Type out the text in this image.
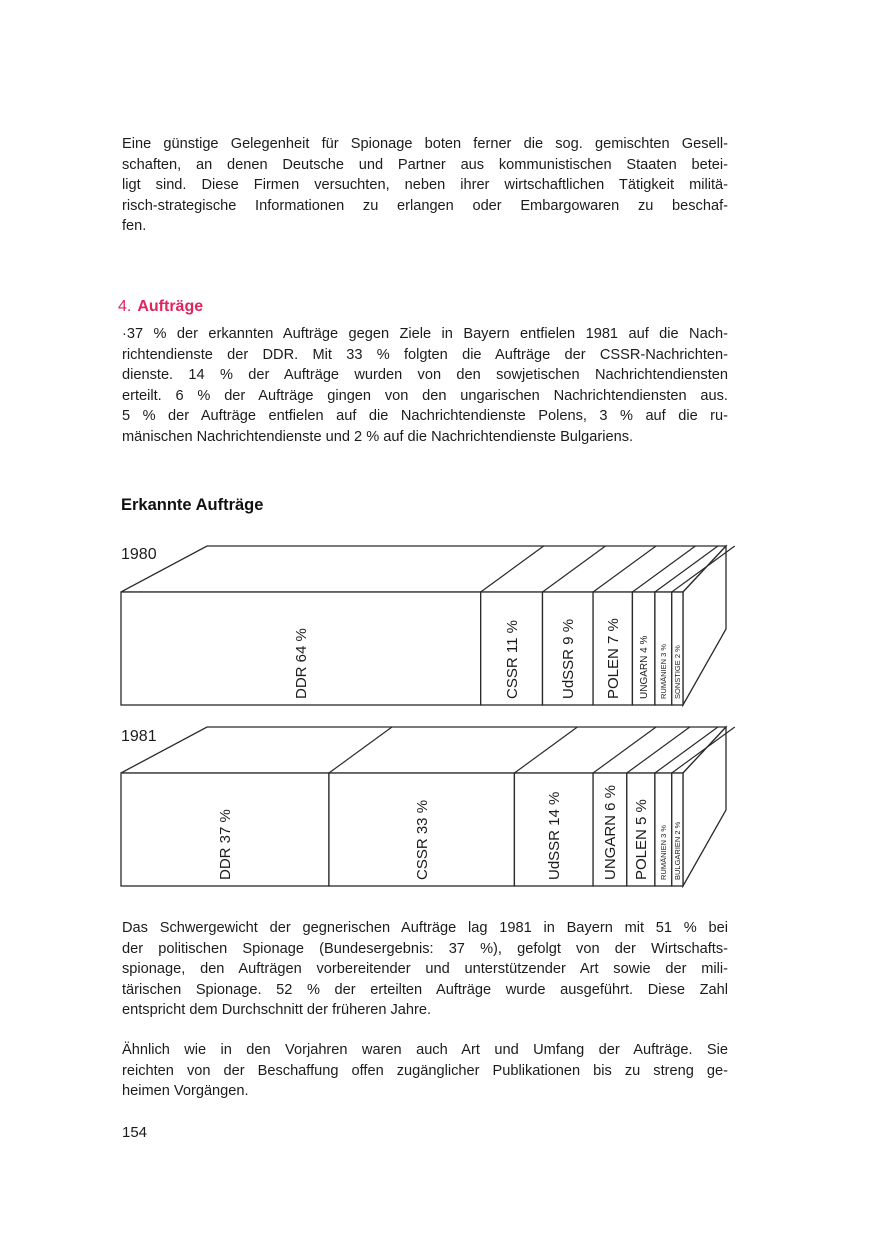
Eine günstige Gelegenheit für Spionage boten ferner die sog. gemischten Gesell-
schaften, an denen Deutsche und Partner aus kommunistischen Staaten betei-
ligt sind. Diese Firmen versuchten, neben ihrer wirtschaftlichen Tätigkeit militä-
risch-strategische Informationen zu erlangen oder Embargowaren zu beschaf-
fen.
4. Aufträge
·37 % der erkannten Aufträge gegen Ziele in Bayern entfielen 1981 auf die Nach-
richtendienste der DDR. Mit 33 % folgten die Aufträge der CSSR-Nachrichten-
dienste. 14 % der Aufträge wurden von den sowjetischen Nachrichtendiensten
erteilt. 6 % der Aufträge gingen von den ungarischen Nachrichtendiensten aus.
5 % der Aufträge entfielen auf die Nachrichtendienste Polens, 3 % auf die ru-
mänischen Nachrichtendienste und 2 % auf die Nachrichtendienste Bulgariens.
Erkannte Aufträge
1980
DDR 64 %	CSSR 11 %	UdSSR 9 % POLEN 7 % UNGARN 4 % RUMÄNIEN 3 % SONSTIGE 2 %
1981
DDR 37 %	CSSR 33 %	UdSSR 14 %	UNGARN 6 % POLEN 5 % RUMÄNIEN 3 % BULGARIEN 2 %
Das Schwergewicht der gegnerischen Aufträge lag 1981 in Bayern mit 51 % bei
der politischen Spionage (Bundesergebnis: 37 %), gefolgt von der Wirtschafts-
spionage, den Aufträgen vorbereitender und unterstützender Art sowie der mili-
tärischen Spionage. 52 % der erteilten Aufträge wurde ausgeführt. Diese Zahl
entspricht dem Durchschnitt der früheren Jahre.
Ähnlich wie in den Vorjahren waren auch Art und Umfang der Aufträge. Sie
reichten von der Beschaffung offen zugänglicher Publikationen bis zu streng ge-
heimen Vorgängen.
154
